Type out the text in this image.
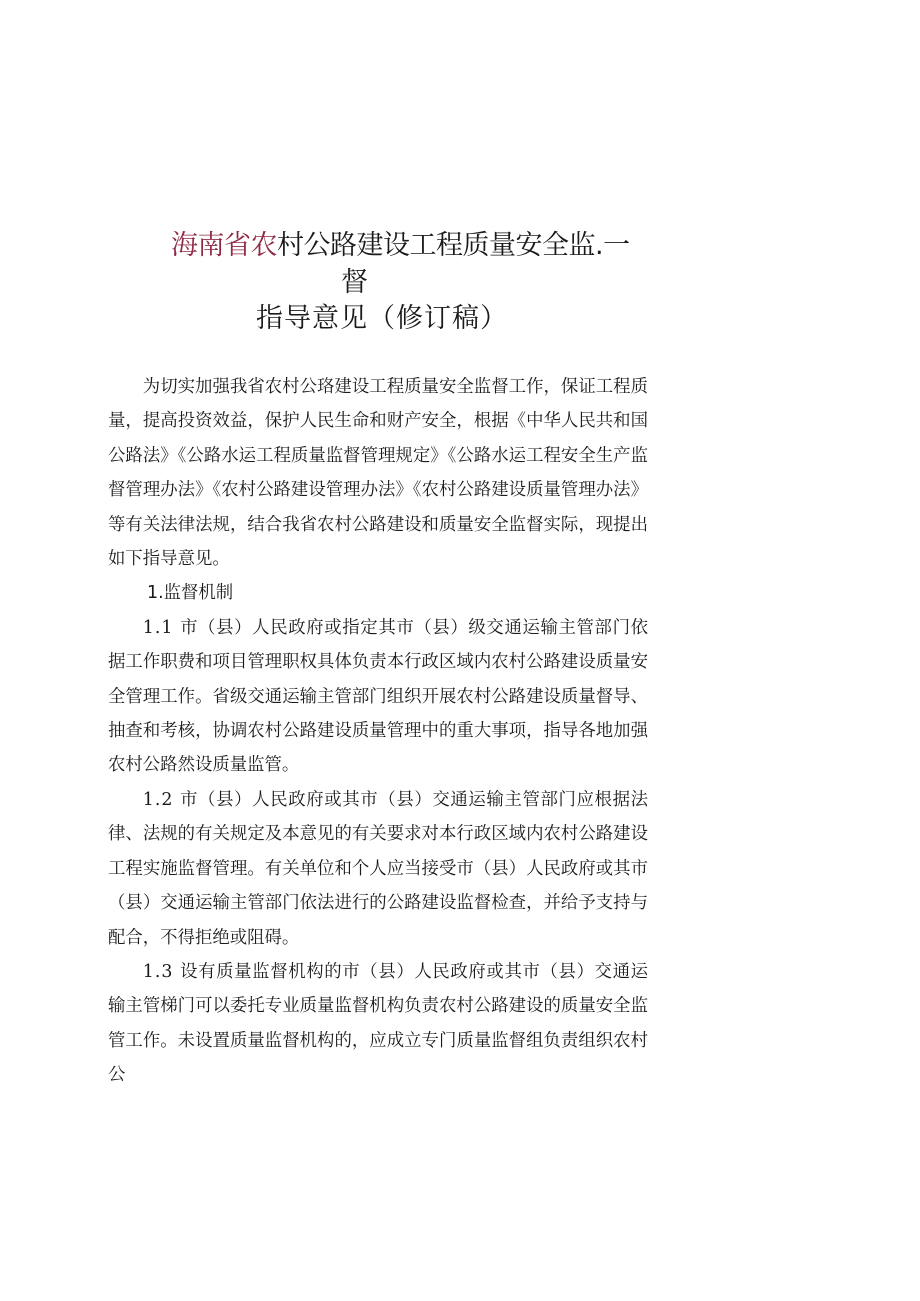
海南省农村公路建设工程质量安全监.一
督
指导意见（修订稿）

为切实加强我省农村公珞建设工程质量安全监督工作，保证工程质量，提高投资效益，保护人民生命和财产安全，根据《中华人民共和国公路法》《公路水运工程质量监督管理规定》《公路水运工程安全生产监督管理办法》《农村公路建设管理办法》《农村公路建设质量管理办法》等有关法律法规，结合我省农村公路建设和质量安全监督实际，现提出如下指导意见。

1.监督机制

1.1 市（县）人民政府或指定其市（县）级交通运输主管部门依据工作职费和项目管理职权具体负责本行政区域内农村公路建设质量安全管理工作。省级交通运输主管部门组织开展农村公路建设质量督导、抽查和考核，协调农村公路建设质量管理中的重大事项，指导各地加强农村公路然设质量监管。

1.2 市（县）人民政府或其市（县）交通运输主管部门应根据法律、法规的有关规定及本意见的有关要求对本行政区域内农村公路建设工程实施监督管理。有关单位和个人应当接受市（县）人民政府或其市（县）交通运输主管部门依法进行的公路建设监督检查，并给予支持与配合，不得拒绝或阻碍。

1.3 设有质量监督机构的市（县）人民政府或其市（县）交通运输主管梯门可以委托专业质量监督机构负责农村公路建设的质量安全监管工作。未设置质量监督机构的，应成立专门质量监督组负责组织农村公
